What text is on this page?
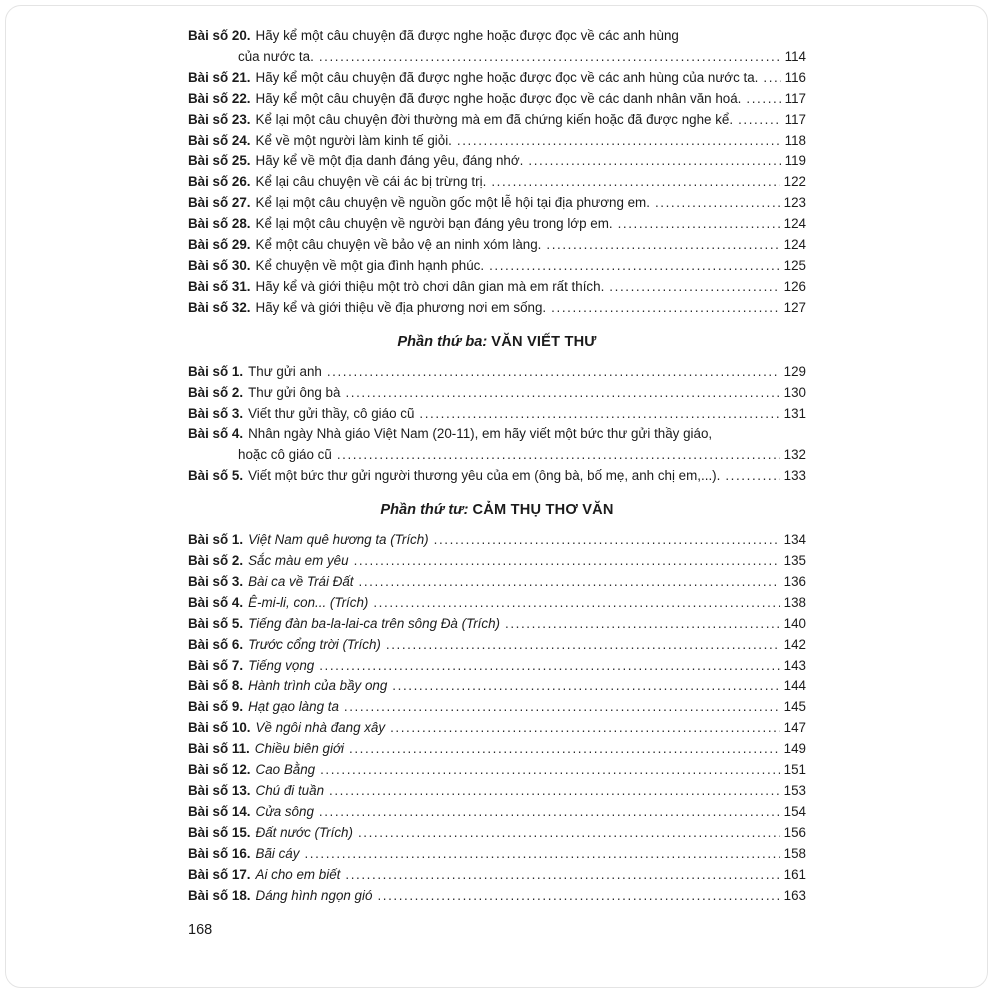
Bài số 20. Hãy kể một câu chuyện đã được nghe hoặc được đọc về các anh hùng
của nước ta. .....	114
Bài số 21. Hãy kể một câu chuyện đã được nghe hoặc được đọc về các anh hùng của nước ta. ..... 116
Bài số 22. Hãy kể một câu chuyện đã được nghe hoặc được đọc về các danh nhân văn hoá. .....	117
Bài số 23. Kể lại một câu chuyện đời thường mà em đã chứng kiến hoặc đã được nghe kể. .....	117
Bài số 24. Kể về một người làm kinh tế giỏi. .....	118
Bài số 25. Hãy kể về một địa danh đáng yêu, đáng nhớ. .....	119
Bài số 26. Kể lại câu chuyện về cái ác bị trừng trị. .....	122
Bài số 27. Kể lại một câu chuyện về nguồn gốc một lễ hội tại địa phương em. .....	123
Bài số 28. Kể lại một câu chuyện về người bạn đáng yêu trong lớp em. .....	124
Bài số 29. Kể một câu chuyện về bảo vệ an ninh xóm làng. .....	124
Bài số 30. Kể chuyện về một gia đình hạnh phúc. .....	125
Bài số 31. Hãy kể và giới thiệu một trò chơi dân gian mà em rất thích. .....	126
Bài số 32. Hãy kể và giới thiệu về địa phương nơi em sống. .....	127
Phần thứ ba: VĂN VIẾT THƯ
Bài số 1. Thư gửi anh .....	129
Bài số 2. Thư gửi ông bà .....	130
Bài số 3. Viết thư gửi thầy, cô giáo cũ .....	131
Bài số 4. Nhân ngày Nhà giáo Việt Nam (20-11), em hãy viết một bức thư gửi thầy giáo,
hoặc cô giáo cũ .....	132
Bài số 5. Viết một bức thư gửi người thương yêu của em (ông bà, bố mẹ, anh chị em,...). .....	133
Phần thứ tư: CẢM THỤ THƠ VĂN
Bài số 1. Việt Nam quê hương ta (Trích) .....	134
Bài số 2. Sắc màu em yêu .....	135
Bài số 3. Bài ca về Trái Đất .....	136
Bài số 4. Ê-mi-li, con... (Trích) .....	138
Bài số 5. Tiếng đàn ba-la-lai-ca trên sông Đà (Trích) .....	140
Bài số 6. Trước cổng trời (Trích) .....	142
Bài số 7. Tiếng vọng .....	143
Bài số 8. Hành trình của bầy ong .....	144
Bài số 9. Hạt gạo làng ta .....	145
Bài số 10. Về ngôi nhà đang xây .....	147
Bài số 11. Chiều biên giới .....	149
Bài số 12. Cao Bằng .....	151
Bài số 13. Chú đi tuần .....	153
Bài số 14. Cửa sông .....	154
Bài số 15. Đất nước (Trích) .....	156
Bài số 16. Bãi cáy .....	158
Bài số 17. Ai cho em biết .....	161
Bài số 18. Dáng hình ngọn gió .....	163
168
